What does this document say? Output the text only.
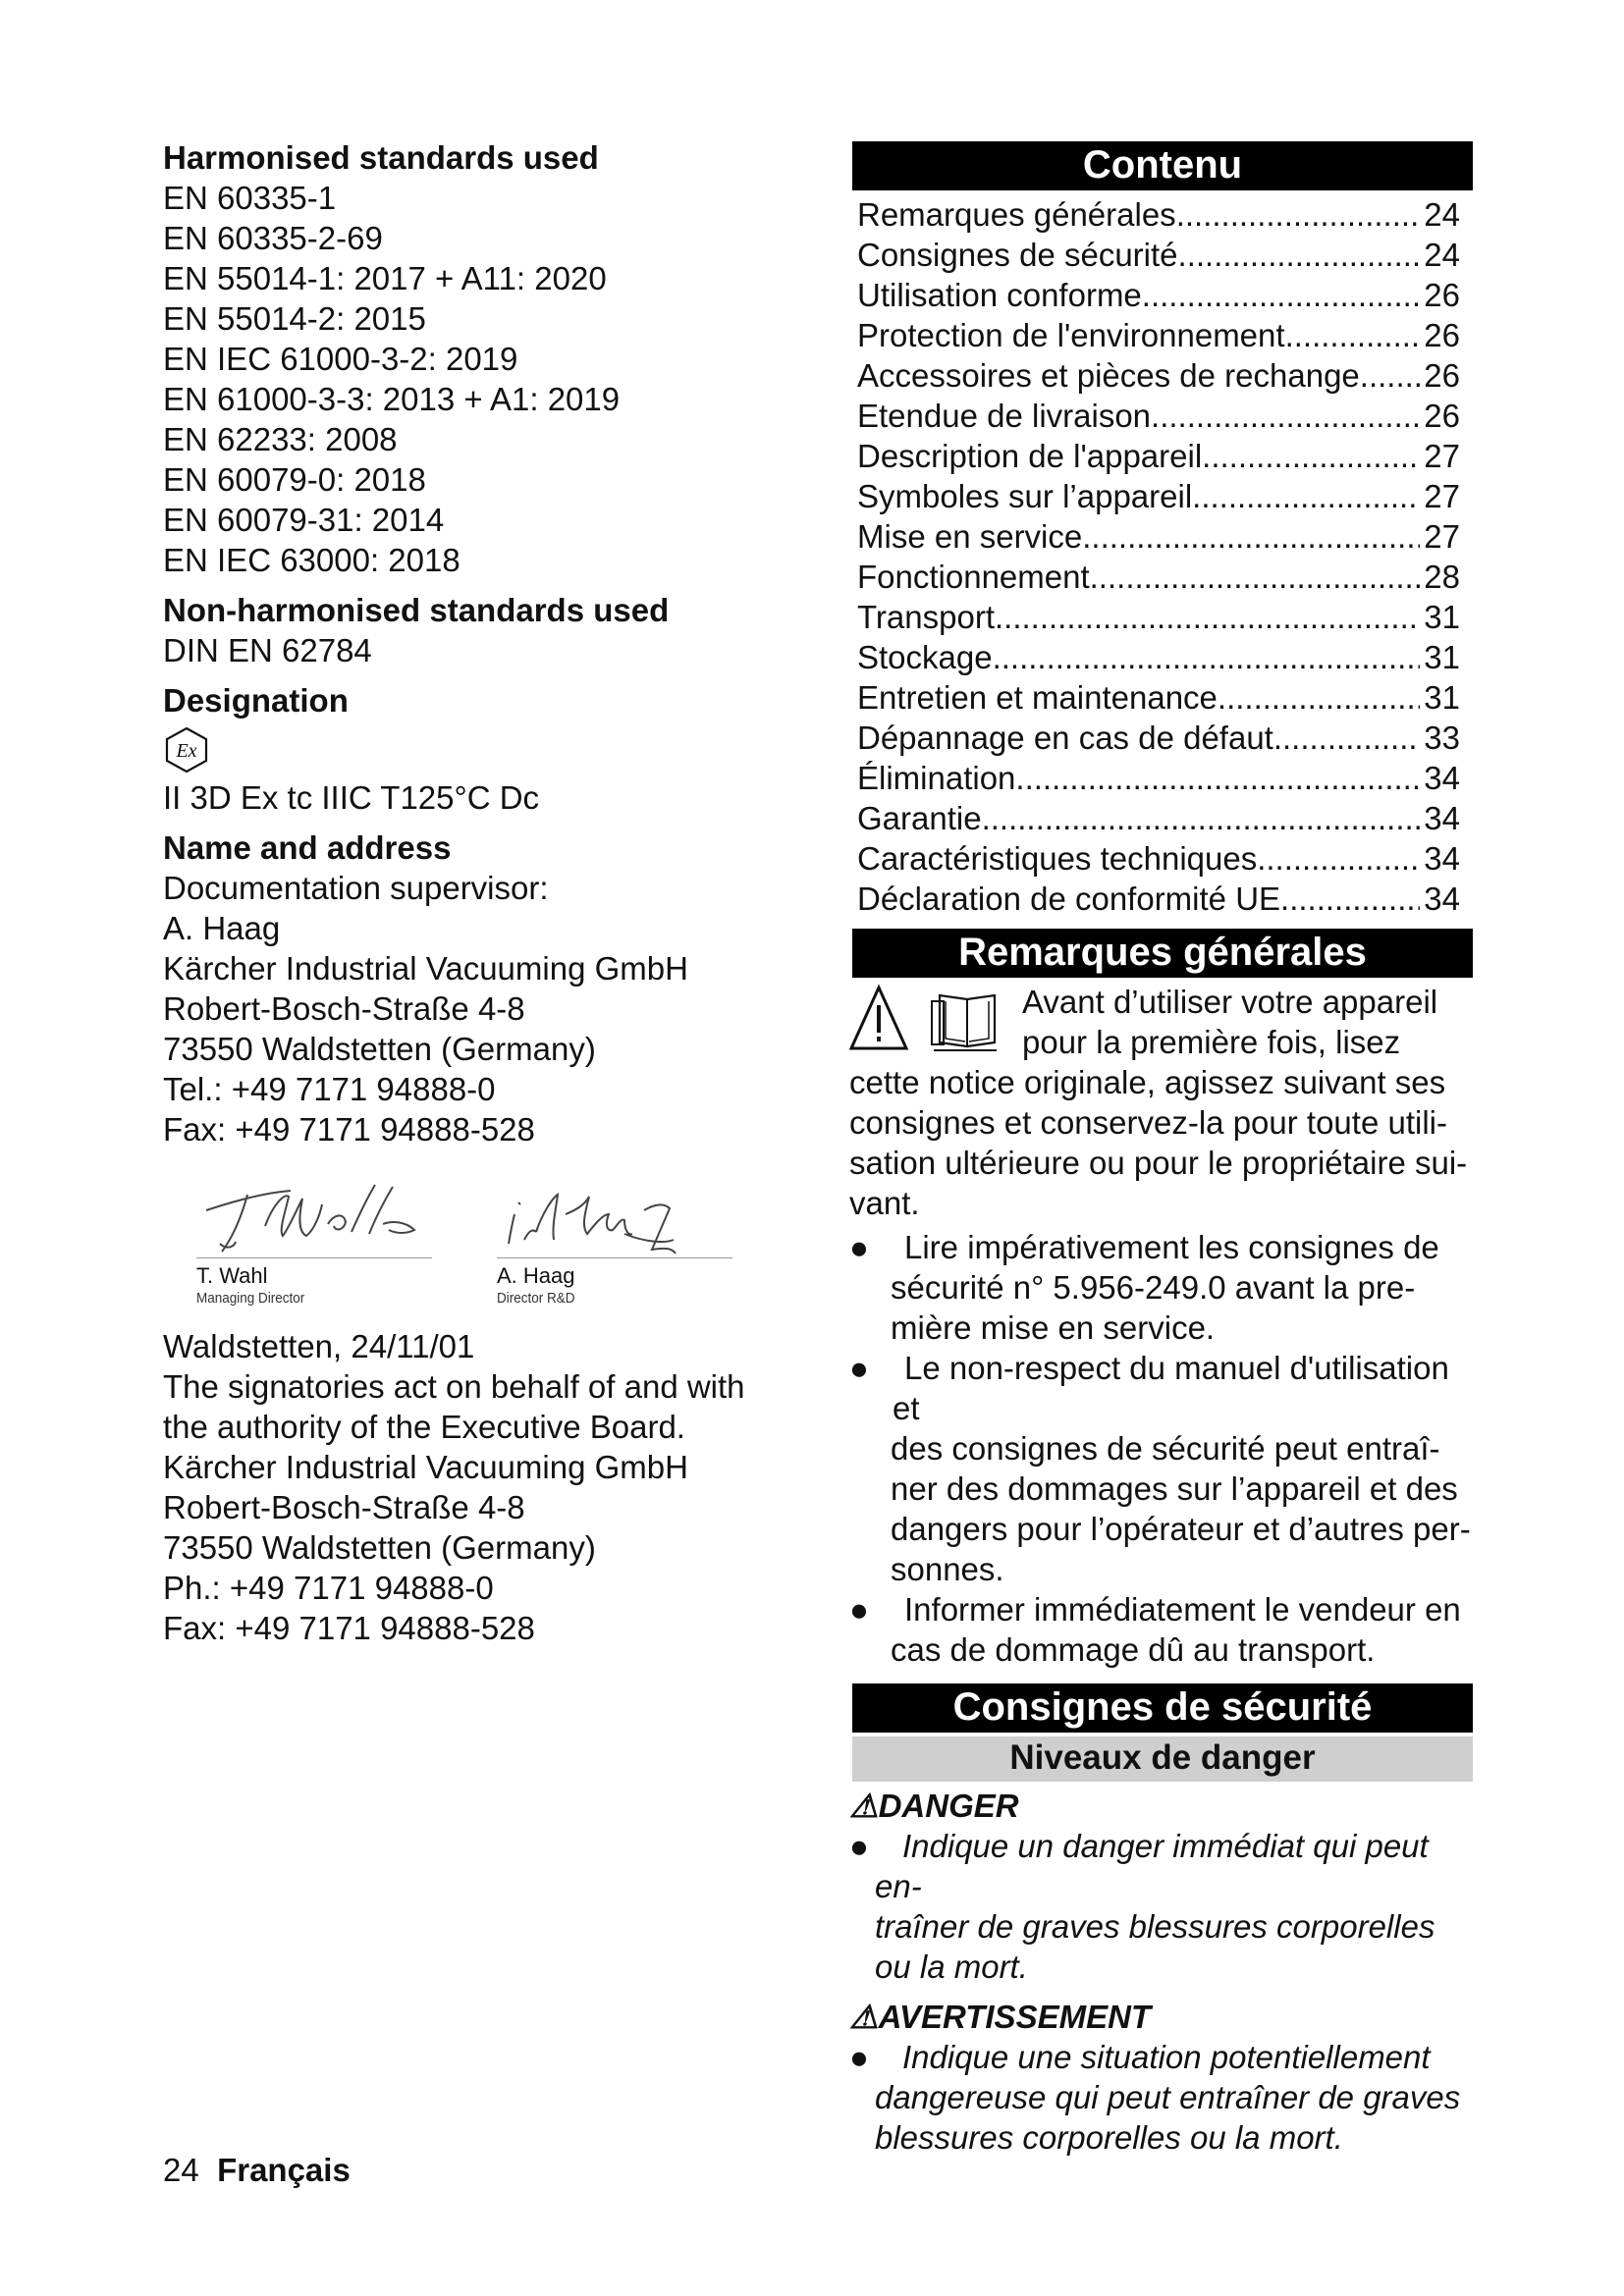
Harmonised standards used
EN 60335-1
EN 60335-2-69
EN 55014-1: 2017 + A11: 2020
EN 55014-2: 2015
EN IEC 61000-3-2: 2019
EN 61000-3-3: 2013 + A1: 2019
EN 62233: 2008
EN 60079-0: 2018
EN 60079-31: 2014
EN IEC 63000: 2018
Non-harmonised standards used
DIN EN 62784
Designation
Ex
II 3D Ex tc IIIC T125°C Dc
Name and address
Documentation supervisor:
A. Haag
Kärcher Industrial Vacuuming GmbH
Robert-Bosch-Straße 4-8
73550 Waldstetten (Germany)
Tel.: +49 7171 94888-0
Fax: +49 7171 94888-528
T. Wahl
Managing Director
A. Haag
Director R&D
Waldstetten, 24/11/01
The signatories act on behalf of and with
the authority of the Executive Board.
Kärcher Industrial Vacuuming GmbH
Robert-Bosch-Straße 4-8
73550 Waldstetten (Germany)
Ph.: +49 7171 94888-0
Fax: +49 7171 94888-528
Contenu
Remarques générales .....	24
Consignes de sécurité .....	24
Utilisation conforme .....	26
Protection de l'environnement .....	26
Accessoires et pièces de rechange ..... 26
Etendue de livraison .....	26
Description de l'appareil .....	27
Symboles sur l’appareil .....	27
Mise en service .....	27
Fonctionnement .....	28
Transport .....	31
Stockage .....	31
Entretien et maintenance .....	31
Dépannage en cas de défaut .....	33
Élimination .....	34
Garantie .....	34
Caractéristiques techniques .....	34
Déclaration de conformité UE .....	34
Remarques générales
Avant d’utiliser votre appareil
pour la première fois, lisez
cette notice originale, agissez suivant ses
consignes et conservez-la pour toute utili-
sation ultérieure ou pour le propriétaire sui-
vant.
●	Lire impérativement les consignes de
sécurité n° 5.956-249.0 avant la pre-
mière mise en service.
●	Le non-respect du manuel d'utilisation et
des consignes de sécurité peut entraî-
ner des dommages sur l’appareil et des
dangers pour l’opérateur et d’autres per-
sonnes.
●	Informer immédiatement le vendeur en
cas de dommage dû au transport.
Consignes de sécurité
Niveaux de danger
⚠DANGER
●	Indique un danger immédiat qui peut en-
traîner de graves blessures corporelles
ou la mort.
⚠AVERTISSEMENT
●	Indique une situation potentiellement
dangereuse qui peut entraîner de graves
blessures corporelles ou la mort.
24 Français
